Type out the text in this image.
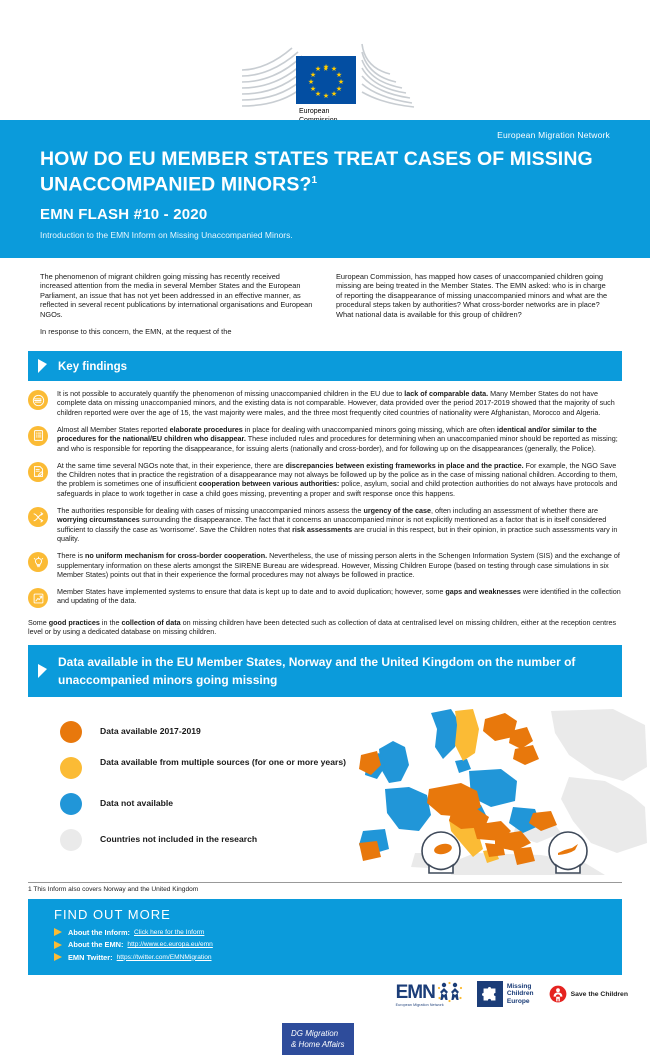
★ ★
★
★
★
★
★
★
★
★
★
★
European
European Migration Network
HOW DO EU MEMBER STATES TREAT CASES OF MISSING UNACCOMPANIED MINORS?$^1$
EMN FLASH #10 - 2020
Introduction to the EMN Inform on Missing Unaccompanied Minors.

The phenomenon of migrant children going missing has recently received increased attention from the media in several Member States and the European Parliament, an issue that has not yet been addressed in an effective manner, as reflected in several recent publications by international organisations and European NGOs.

In response to this concern, the EMN, at the request of the

European Commission, has mapped how cases of unaccompanied children going missing are being treated in the Member States. The EMN asked: who is in charge of reporting the disappearance of missing unaccompanied minors and what are the procedural steps taken by authorities? What cross-border networks are in place? What national data is available for this group of children?

Key findings
It is not possible to accurately quantify the phenomenon of missing unaccompanied children in the EU due to lack of comparable data. Many Member States do not have complete data on missing unaccompanied minors, and the existing data is not comparable. However, data provided over the period 2017-2019 showed that the majority of such children reported were over the age of 15, the vast majority were males, and the three most frequently cited countries of nationality were Afghanistan, Morocco and Algeria.
Almost all Member States reported elaborate procedures in place for dealing with unaccompanied minors going missing, which are often identical and/or similar to the procedures for the national/EU children who disappear. These included rules and procedures for determining when an unaccompanied minor should be reported as missing; and who is responsible for reporting the disappearance, for issuing alerts (nationally and cross-border), and for following up on the disappearances (generally, the Police).
At the same time several NGOs note that, in their experience, there are discrepancies between existing frameworks in place and the practice. For example, the NGO Save the Children notes that in practice the registration of a disappearance may not always be followed up by the police as in the case of missing national children. According to them, the problem is sometimes one of insufficient cooperation between various authorities: police, asylum, social and child protection authorities do not always have protocols and safeguards in place to work together in case a child goes missing, preventing a proper and swift response once this happens.
The authorities responsible for dealing with cases of missing unaccompanied minors assess the urgency of the case, often including an assessment of whether there are worrying circumstances surrounding the disappearance. The fact that it concerns an unaccompanied minor is not explicitly mentioned as a factor that is in itself considered sufficient to classify the case as 'worrisome'. Save the Children notes that risk assessments are crucial in this respect, but in their opinion, in practice such assessments vary in quality.
There is no uniform mechanism for cross-border cooperation. Nevertheless, the use of missing person alerts in the Schengen Information System (SIS) and the exchange of supplementary information on these alerts amongst the SIRENE Bureau are widespread. However, Missing Children Europe (based on testing through case simulations in six Member States) points out that in their experience the formal procedures may not always be followed in practice.
Member States have implemented systems to ensure that data is kept up to date and to avoid duplication; however, some gaps and weaknesses were identified in the collection and updating of the data.
Some good practices in the collection of data on missing children have been detected such as collection of data at centralised level on missing children, either at the reception centres level or by using a dedicated database on missing children.
Data available in the EU Member States, Norway and the United Kingdom on the number of unaccompanied minors going missing
Data available 2017-2019
Data available from multiple sources (for one or more years)
Data not available
Countries not included in the research
1 This Inform also covers Norway and the United Kingdom
FIND OUT MORE
About the Inform: Click here for the Inform
About the EMN: http://www.ec.europa.eu/emn
EMN Twitter: https://twitter.com/EMNMigration
EMN
European Migration Network
Missing
Children
Europe
Save the Children
DG Migration
& Home Affairs
